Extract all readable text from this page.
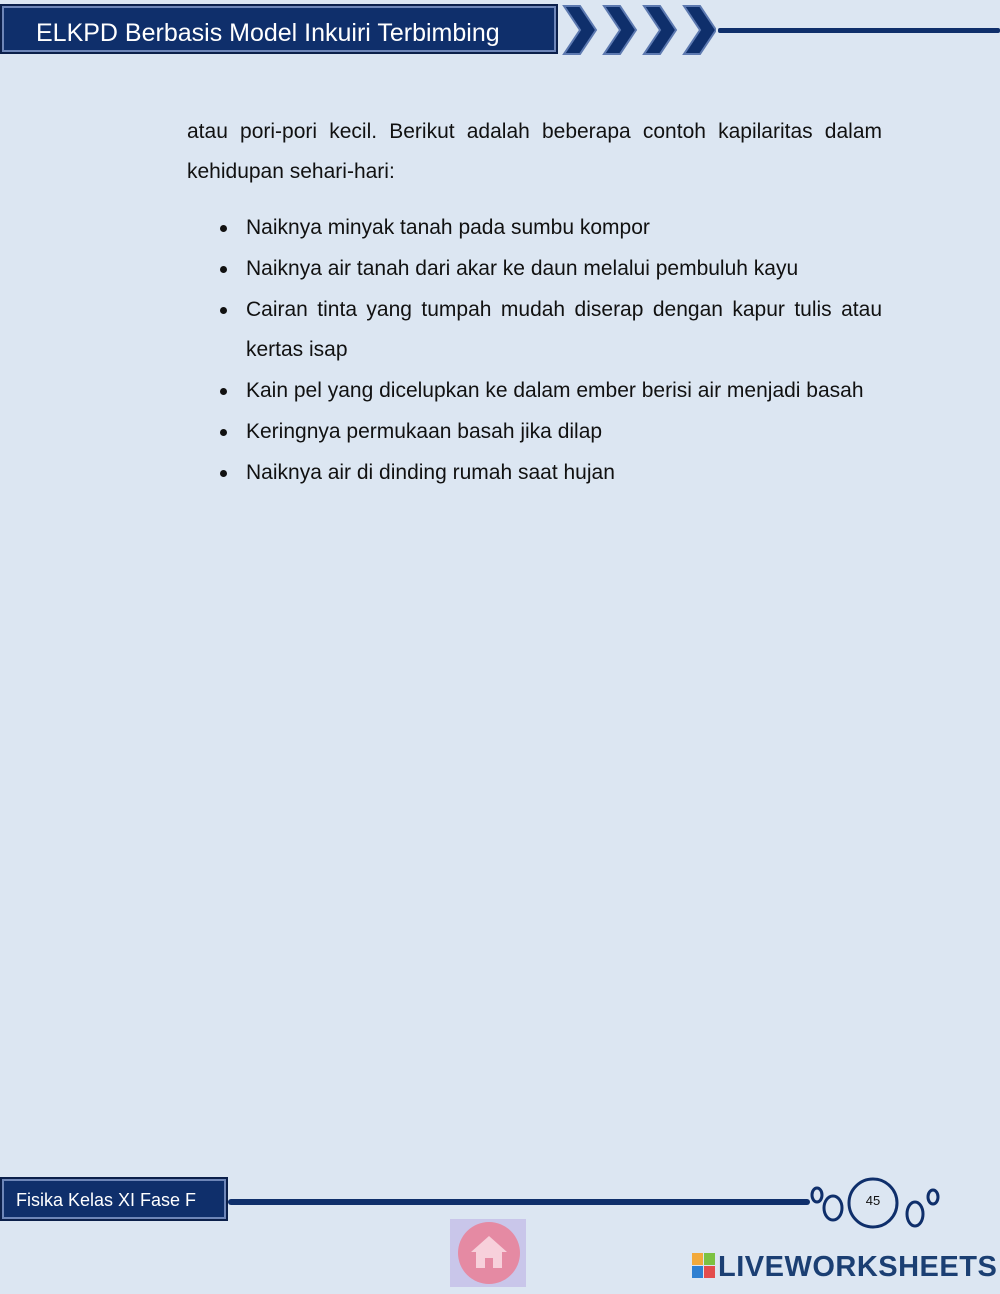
ELKPD Berbasis Model Inkuiri Terbimbing

atau pori-pori kecil. Berikut adalah beberapa contoh kapilaritas dalam kehidupan sehari-hari:

Naiknya minyak tanah pada sumbu kompor
Naiknya air tanah dari akar ke daun melalui pembuluh kayu
Cairan tinta yang tumpah mudah diserap dengan kapur tulis atau kertas isap
Kain pel yang dicelupkan ke dalam ember berisi air menjadi basah
Keringnya permukaan basah jika dilap
Naiknya air di dinding rumah saat hujan
Fisika Kelas XI Fase F	45
LIVEWORKSHEETS
